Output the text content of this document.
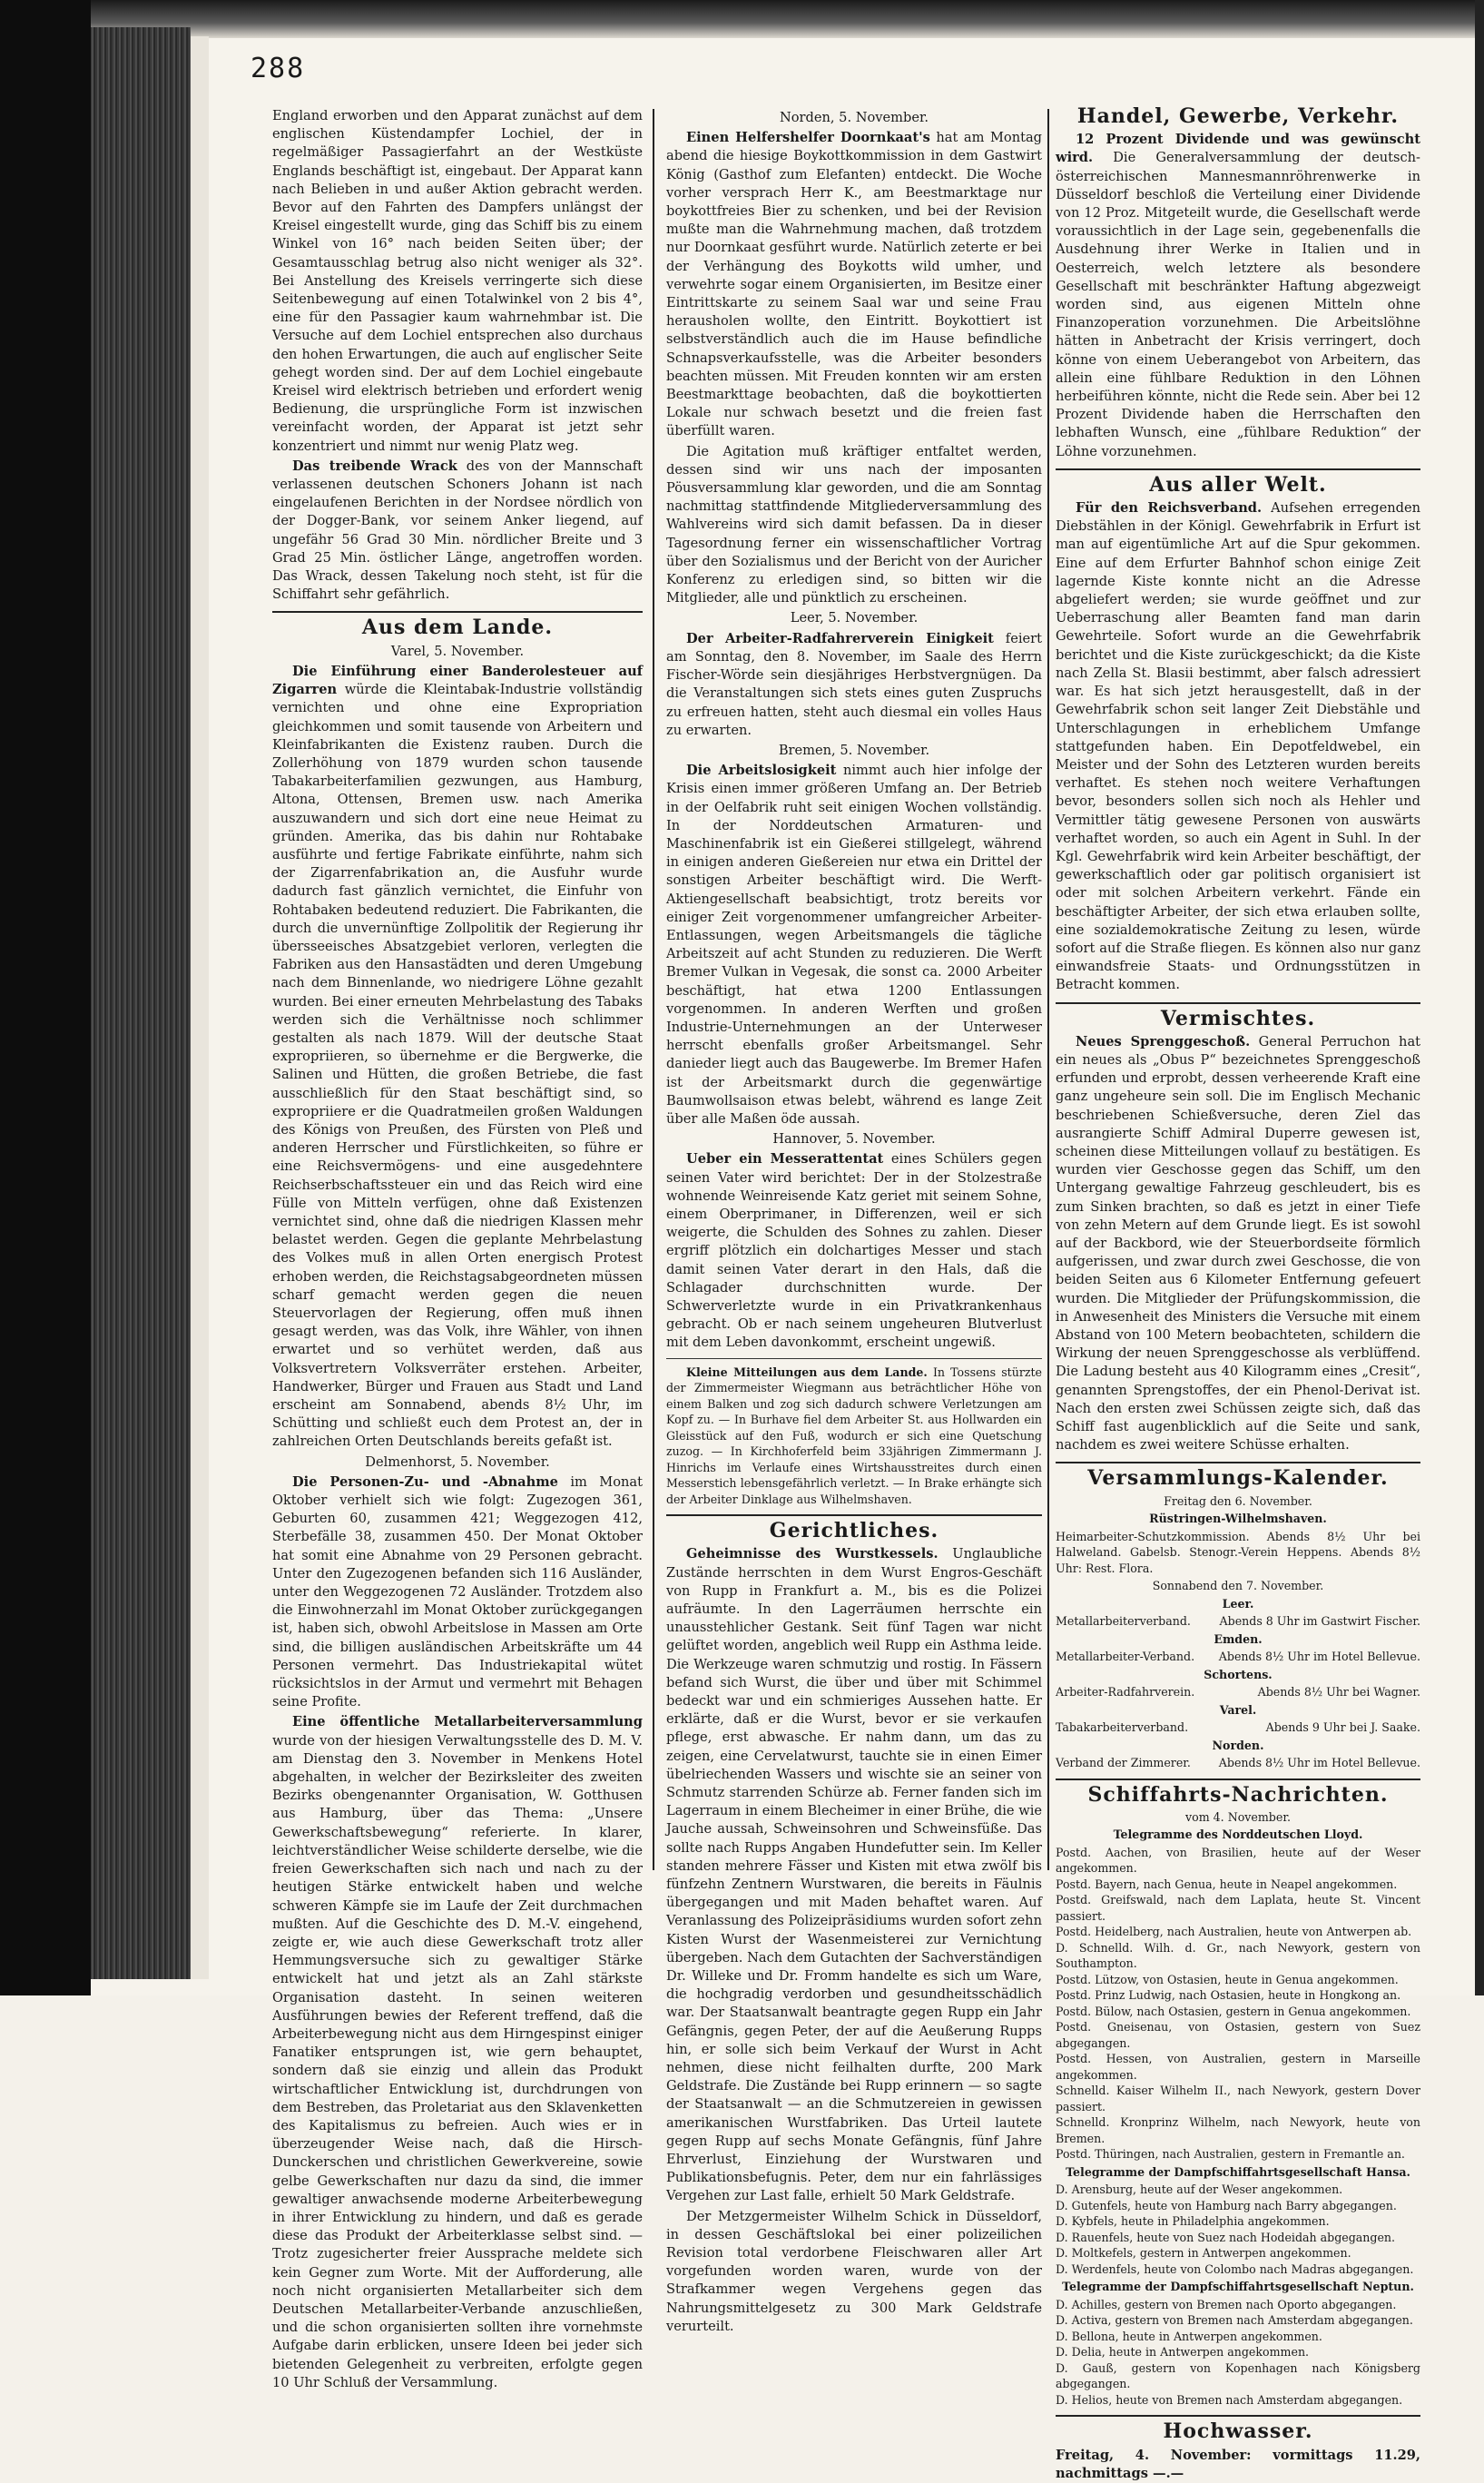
288

England erworben und den Apparat zunächst auf dem englischen Küstendampfer Lochiel, der in regelmäßiger Passagierfahrt an der Westküste Englands beschäftigt ist, eingebaut. Der Apparat kann nach Belieben in und außer Aktion gebracht werden. Bevor auf den Fahrten des Dampfers unlängst der Kreisel eingestellt wurde, ging das Schiff bis zu einem Winkel von 16° nach beiden Seiten über; der Gesamtausschlag betrug also nicht weniger als 32°. Bei Anstellung des Kreisels verringerte sich diese Seitenbewegung auf einen Totalwinkel von 2 bis 4°, eine für den Passagier kaum wahrnehmbar ist. Die Versuche auf dem Lochiel entsprechen also durchaus den hohen Erwartungen, die auch auf englischer Seite gehegt worden sind. Der auf dem Lochiel eingebaute Kreisel wird elektrisch betrieben und erfordert wenig Bedienung, die ursprüngliche Form ist inzwischen vereinfacht worden, der Apparat ist jetzt sehr konzentriert und nimmt nur wenig Platz weg.

Das treibende Wrack des von der Mannschaft verlassenen deutschen Schoners Johann ist nach eingelaufenen Berichten in der Nordsee nördlich von der Dogger-Bank, vor seinem Anker liegend, auf ungefähr 56 Grad 30 Min. nördlicher Breite und 3 Grad 25 Min. östlicher Länge, angetroffen worden. Das Wrack, dessen Takelung noch steht, ist für die Schiffahrt sehr gefährlich.

Aus dem Lande.
Varel, 5. November.

Die Einführung einer Banderolesteuer auf Zigarren würde die Kleintabak-Industrie vollständig vernichten und ohne eine Expropriation gleichkommen und somit tausende von Arbeitern und Kleinfabrikanten die Existenz rauben. Durch die Zollerhöhung von 1879 wurden schon tausende Tabakarbeiterfamilien gezwungen, aus Hamburg, Altona, Ottensen, Bremen usw. nach Amerika auszuwandern und sich dort eine neue Heimat zu gründen. Amerika, das bis dahin nur Rohtabake ausführte und fertige Fabrikate einführte, nahm sich der Zigarrenfabrikation an, die Ausfuhr wurde dadurch fast gänzlich vernichtet, die Einfuhr von Rohtabaken bedeutend reduziert. Die Fabrikanten, die durch die unvernünftige Zollpolitik der Regierung ihr übersseeisches Absatzgebiet verloren, verlegten die Fabriken aus den Hansastädten und deren Umgebung nach dem Binnenlande, wo niedrigere Löhne gezahlt wurden. Bei einer erneuten Mehrbelastung des Tabaks werden sich die Verhältnisse noch schlimmer gestalten als nach 1879. Will der deutsche Staat expropriieren, so übernehme er die Bergwerke, die Salinen und Hütten, die großen Betriebe, die fast ausschließlich für den Staat beschäftigt sind, so expropriiere er die Quadratmeilen großen Waldungen des Königs von Preußen, des Fürsten von Pleß und anderen Herrscher und Fürstlichkeiten, so führe er eine Reichsvermögens- und eine ausgedehntere Reichserbschaftssteuer ein und das Reich wird eine Fülle von Mitteln verfügen, ohne daß Existenzen vernichtet sind, ohne daß die niedrigen Klassen mehr belastet werden. Gegen die geplante Mehrbelastung des Volkes muß in allen Orten energisch Protest erhoben werden, die Reichstagsabgeordneten müssen scharf gemacht werden gegen die neuen Steuervorlagen der Regierung, offen muß ihnen gesagt werden, was das Volk, ihre Wähler, von ihnen erwartet und so verhütet werden, daß aus Volksvertretern Volksverräter erstehen. Arbeiter, Handwerker, Bürger und Frauen aus Stadt und Land erscheint am Sonnabend, abends 8½ Uhr, im Schütting und schließt euch dem Protest an, der in zahlreichen Orten Deutschlands bereits gefaßt ist.

Delmenhorst, 5. November.

Die Personen-Zu- und -Abnahme im Monat Oktober verhielt sich wie folgt: Zugezogen 361, Geburten 60, zusammen 421; Weggezogen 412, Sterbefälle 38, zusammen 450. Der Monat Oktober hat somit eine Abnahme von 29 Personen gebracht. Unter den Zugezogenen befanden sich 116 Ausländer, unter den Weggezogenen 72 Ausländer. Trotzdem also die Einwohnerzahl im Monat Oktober zurückgegangen ist, haben sich, obwohl Arbeitslose in Massen am Orte sind, die billigen ausländischen Arbeitskräfte um 44 Personen vermehrt. Das Industriekapital wütet rücksichtslos in der Armut und vermehrt mit Behagen seine Profite.

Eine öffentliche Metallarbeiterversammlung wurde von der hiesigen Verwaltungsstelle des D. M. V. am Dienstag den 3. November in Menkens Hotel abgehalten, in welcher der Bezirksleiter des zweiten Bezirks obengenannter Organisation, W. Gotthusen aus Hamburg, über das Thema: „Unsere Gewerkschaftsbewegung“ referierte. In klarer, leichtverständlicher Weise schilderte derselbe, wie die freien Gewerkschaften sich nach und nach zu der heutigen Stärke entwickelt haben und welche schweren Kämpfe sie im Laufe der Zeit durchmachen mußten. Auf die Geschichte des D. M.-V. eingehend, zeigte er, wie auch diese Gewerkschaft trotz aller Hemmungsversuche sich zu gewaltiger Stärke entwickelt hat und jetzt als an Zahl stärkste Organisation dasteht. In seinen weiteren Ausführungen bewies der Referent treffend, daß die Arbeiterbewegung nicht aus dem Hirngespinst einiger Fanatiker entsprungen ist, wie gern behauptet, sondern daß sie einzig und allein das Produkt wirtschaftlicher Entwicklung ist, durchdrungen von dem Bestreben, das Proletariat aus den Sklavenketten des Kapitalismus zu befreien. Auch wies er in überzeugender Weise nach, daß die Hirsch-Dunckerschen und christlichen Gewerkvereine, sowie gelbe Gewerkschaften nur dazu da sind, die immer gewaltiger anwachsende moderne Arbeiterbewegung in ihrer Entwicklung zu hindern, und daß es gerade diese das Produkt der Arbeiterklasse selbst sind. — Trotz zugesicherter freier Aussprache meldete sich kein Gegner zum Worte. Mit der Aufforderung, alle noch nicht organisierten Metallarbeiter sich dem Deutschen Metallarbeiter-Verbande anzuschließen, und die schon organisierten sollten ihre vornehmste Aufgabe darin erblicken, unsere Ideen bei jeder sich bietenden Gelegenheit zu verbreiten, erfolgte gegen 10 Uhr Schluß der Versammlung.

Norden, 5. November.

Einen Helfershelfer Doornkaat's hat am Montag abend die hiesige Boykottkommission in dem Gastwirt König (Gasthof zum Elefanten) entdeckt. Die Woche vorher versprach Herr K., am Beestmarktage nur boykottfreies Bier zu schenken, und bei der Revision mußte man die Wahrnehmung machen, daß trotzdem nur Doornkaat gesführt wurde. Natürlich zeterte er bei der Verhängung des Boykotts wild umher, und verwehrte sogar einem Organisierten, im Besitze einer Eintrittskarte zu seinem Saal war und seine Frau herausholen wollte, den Eintritt. Boykottiert ist selbstverständlich auch die im Hause befindliche Schnapsverkaufsstelle, was die Arbeiter besonders beachten müssen. Mit Freuden konnten wir am ersten Beestmarkttage beobachten, daß die boykottierten Lokale nur schwach besetzt und die freien fast überfüllt waren.

Die Agitation muß kräftiger entfaltet werden, dessen sind wir uns nach der imposanten Pöusversammlung klar geworden, und die am Sonntag nachmittag stattfindende Mitgliederversammlung des Wahlvereins wird sich damit befassen. Da in dieser Tagesordnung ferner ein wissenschaftlicher Vortrag über den Sozialismus und der Bericht von der Auricher Konferenz zu erledigen sind, so bitten wir die Mitglieder, alle und pünktlich zu erscheinen.

Leer, 5. November.

Der Arbeiter-Radfahrerverein Einigkeit feiert am Sonntag, den 8. November, im Saale des Herrn Fischer-Wörde sein diesjähriges Herbstvergnügen. Da die Veranstaltungen sich stets eines guten Zuspruchs zu erfreuen hatten, steht auch diesmal ein volles Haus zu erwarten.

Bremen, 5. November.

Die Arbeitslosigkeit nimmt auch hier infolge der Krisis einen immer größeren Umfang an. Der Betrieb in der Oelfabrik ruht seit einigen Wochen vollständig. In der Norddeutschen Armaturen- und Maschinenfabrik ist ein Gießerei stillgelegt, während in einigen anderen Gießereien nur etwa ein Drittel der sonstigen Arbeiter beschäftigt wird. Die Werft-Aktiengesellschaft beabsichtigt, trotz bereits vor einiger Zeit vorgenommener umfangreicher Arbeiter-Entlassungen, wegen Arbeitsmangels die tägliche Arbeitszeit auf acht Stunden zu reduzieren. Die Werft Bremer Vulkan in Vegesak, die sonst ca. 2000 Arbeiter beschäftigt, hat etwa 1200 Entlassungen vorgenommen. In anderen Werften und großen Industrie-Unternehmungen an der Unterweser herrscht ebenfalls großer Arbeitsmangel. Sehr danieder liegt auch das Baugewerbe. Im Bremer Hafen ist der Arbeitsmarkt durch die gegenwärtige Baumwollsaison etwas belebt, während es lange Zeit über alle Maßen öde aussah.

Hannover, 5. November.

Ueber ein Messerattentat eines Schülers gegen seinen Vater wird berichtet: Der in der Stolzestraße wohnende Weinreisende Katz geriet mit seinem Sohne, einem Oberprimaner, in Differenzen, weil er sich weigerte, die Schulden des Sohnes zu zahlen. Dieser ergriff plötzlich ein dolchartiges Messer und stach damit seinen Vater derart in den Hals, daß die Schlagader durchschnitten wurde. Der Schwerverletzte wurde in ein Privatkrankenhaus gebracht. Ob er nach seinem ungeheuren Blutverlust mit dem Leben davonkommt, erscheint ungewiß.

Kleine Mitteilungen aus dem Lande. In Tossens stürzte der Zimmermeister Wiegmann aus beträchtlicher Höhe von einem Balken und zog sich dadurch schwere Verletzungen am Kopf zu. — In Burhave fiel dem Arbeiter St. aus Hollwarden ein Gleisstück auf den Fuß, wodurch er sich eine Quetschung zuzog. — In Kirchhoferfeld beim 33jährigen Zimmermann J. Hinrichs im Verlaufe eines Wirtshausstreites durch einen Messerstich lebensgefährlich verletzt. — In Brake erhängte sich der Arbeiter Dinklage aus Wilhelmshaven.

Gerichtliches.

Geheimnisse des Wurstkessels. Unglaubliche Zustände herrschten in dem Wurst Engros-Geschäft von Rupp in Frankfurt a. M., bis es die Polizei aufräumte. In den Lagerräumen herrschte ein unausstehlicher Gestank. Seit fünf Tagen war nicht gelüftet worden, angeblich weil Rupp ein Asthma leide. Die Werkzeuge waren schmutzig und rostig. In Fässern befand sich Wurst, die über und über mit Schimmel bedeckt war und ein schmieriges Aussehen hatte. Er erklärte, daß er die Wurst, bevor er sie verkaufen pflege, erst abwasche. Er nahm dann, um das zu zeigen, eine Cervelatwurst, tauchte sie in einen Eimer übelriechenden Wassers und wischte sie an seiner von Schmutz starrenden Schürze ab. Ferner fanden sich im Lagerraum in einem Blecheimer in einer Brühe, die wie Jauche aussah, Schweinsohren und Schweinsfüße. Das sollte nach Rupps Angaben Hundefutter sein. Im Keller standen mehrere Fässer und Kisten mit etwa zwölf bis fünfzehn Zentnern Wurstwaren, die bereits in Fäulnis übergegangen und mit Maden behaftet waren. Auf Veranlassung des Polizeipräsidiums wurden sofort zehn Kisten Wurst der Wasenmeisterei zur Vernichtung übergeben. Nach dem Gutachten der Sachverständigen Dr. Willeke und Dr. Fromm handelte es sich um Ware, die hochgradig verdorben und gesundheitsschädlich war. Der Staatsanwalt beantragte gegen Rupp ein Jahr Gefängnis, gegen Peter, der auf die Aeußerung Rupps hin, er solle sich beim Verkauf der Wurst in Acht nehmen, diese nicht feilhalten durfte, 200 Mark Geldstrafe. Die Zustände bei Rupp erinnern — so sagte der Staatsanwalt — an die Schmutzereien in gewissen amerikanischen Wurstfabriken. Das Urteil lautete gegen Rupp auf sechs Monate Gefängnis, fünf Jahre Ehrverlust, Einziehung der Wurstwaren und Publikationsbefugnis. Peter, dem nur ein fahrlässiges Vergehen zur Last falle, erhielt 50 Mark Geldstrafe.

Der Metzgermeister Wilhelm Schick in Düsseldorf, in dessen Geschäftslokal bei einer polizeilichen Revision total verdorbene Fleischwaren aller Art vorgefunden worden waren, wurde von der Strafkammer wegen Vergehens gegen das Nahrungsmittelgesetz zu 300 Mark Geldstrafe verurteilt.

Handel, Gewerbe, Verkehr.

12 Prozent Dividende und was gewünscht wird. Die Generalversammlung der deutsch-österreichischen Mannesmannröhrenwerke in Düsseldorf beschloß die Verteilung einer Dividende von 12 Proz. Mitgeteilt wurde, die Gesellschaft werde voraussichtlich in der Lage sein, gegebenenfalls die Ausdehnung ihrer Werke in Italien und in Oesterreich, welch letztere als besondere Gesellschaft mit beschränkter Haftung abgezweigt worden sind, aus eigenen Mitteln ohne Finanzoperation vorzunehmen. Die Arbeitslöhne hätten in Anbetracht der Krisis verringert, doch könne von einem Ueberangebot von Arbeitern, das allein eine fühlbare Reduktion in den Löhnen herbeiführen könnte, nicht die Rede sein. Aber bei 12 Prozent Dividende haben die Herrschaften den lebhaften Wunsch, eine „fühlbare Reduktion“ der Löhne vorzunehmen.

Aus aller Welt.

Für den Reichsverband. Aufsehen erregenden Diebstählen in der Königl. Gewehrfabrik in Erfurt ist man auf eigentümliche Art auf die Spur gekommen. Eine auf dem Erfurter Bahnhof schon einige Zeit lagernde Kiste konnte nicht an die Adresse abgeliefert werden; sie wurde geöffnet und zur Ueberraschung aller Beamten fand man darin Gewehrteile. Sofort wurde an die Gewehrfabrik berichtet und die Kiste zurückgeschickt; da die Kiste nach Zella St. Blasii bestimmt, aber falsch adressiert war. Es hat sich jetzt herausgestellt, daß in der Gewehrfabrik schon seit langer Zeit Diebstähle und Unterschlagungen in erheblichem Umfange stattgefunden haben. Ein Depotfeldwebel, ein Meister und der Sohn des Letzteren wurden bereits verhaftet. Es stehen noch weitere Verhaftungen bevor, besonders sollen sich noch als Hehler und Vermittler tätig gewesene Personen von auswärts verhaftet worden, so auch ein Agent in Suhl. In der Kgl. Gewehrfabrik wird kein Arbeiter beschäftigt, der gewerkschaftlich oder gar politisch organisiert ist oder mit solchen Arbeitern verkehrt. Fände ein beschäftigter Arbeiter, der sich etwa erlauben sollte, eine sozialdemokratische Zeitung zu lesen, würde sofort auf die Straße fliegen. Es können also nur ganz einwandsfreie Staats- und Ordnungsstützen in Betracht kommen.

Vermischtes.

Neues Sprenggeschoß. General Perruchon hat ein neues als „Obus P“ bezeichnetes Sprenggeschoß erfunden und erprobt, dessen verheerende Kraft eine ganz ungeheure sein soll. Die im Englisch Mechanic beschriebenen Schießversuche, deren Ziel das ausrangierte Schiff Admiral Duperre gewesen ist, scheinen diese Mitteilungen vollauf zu bestätigen. Es wurden vier Geschosse gegen das Schiff, um den Untergang gewaltige Fahrzeug geschleudert, bis es zum Sinken brachten, so daß es jetzt in einer Tiefe von zehn Metern auf dem Grunde liegt. Es ist sowohl auf der Backbord, wie der Steuerbordseite förmlich aufgerissen, und zwar durch zwei Geschosse, die von beiden Seiten aus 6 Kilometer Entfernung gefeuert wurden. Die Mitglieder der Prüfungskommission, die in Anwesenheit des Ministers die Versuche mit einem Abstand von 100 Metern beobachteten, schildern die Wirkung der neuen Sprenggeschosse als verblüffend. Die Ladung besteht aus 40 Kilogramm eines „Cresit“, genannten Sprengstoffes, der ein Phenol-Derivat ist. Nach den ersten zwei Schüssen zeigte sich, daß das Schiff fast augenblicklich auf die Seite und sank, nachdem es zwei weitere Schüsse erhalten.

Versammlungs-Kalender.
Freitag den 6. November.
Rüstringen-Wilhelmshaven.
Heimarbeiter-Schutzkommission. Abends 8½ Uhr bei Halweland. Gabelsb. Stenogr.-Verein Heppens. Abends 8½ Uhr: Rest. Flora.
Sonnabend den 7. November.
Leer.
Metallarbeiterverband.	Abends 8 Uhr im Gastwirt Fischer.
Emden.
Metallarbeiter-Verband. Abends 8½ Uhr im Hotel Bellevue.
Schortens.
Arbeiter-Radfahrverein.	Abends 8½ Uhr bei Wagner.
Varel.
Tabakarbeiterverband.	Abends 9 Uhr bei J. Saake.
Norden.
Verband der Zimmerer. Abends 8½ Uhr im Hotel Bellevue.
Schiffahrts-Nachrichten.
vom 4. November.
Telegramme des Norddeutschen Lloyd.
Postd. Aachen, von Brasilien, heute auf der Weser angekommen.
Postd. Bayern, nach Genua, heute in Neapel angekommen.
Postd. Greifswald, nach dem Laplata, heute St. Vincent passiert.
Postd. Heidelberg, nach Australien, heute von Antwerpen ab.
D. Schnelld. Wilh. d. Gr., nach Newyork, gestern von Southampton.
Postd. Lützow, von Ostasien, heute in Genua angekommen.
Postd. Prinz Ludwig, nach Ostasien, heute in Hongkong an.
Postd. Bülow, nach Ostasien, gestern in Genua angekommen.
Postd. Gneisenau, von Ostasien, gestern von Suez abgegangen.
Postd. Hessen, von Australien, gestern in Marseille angekommen.
Schnelld. Kaiser Wilhelm II., nach Newyork, gestern Dover passiert.
Schnelld. Kronprinz Wilhelm, nach Newyork, heute von Bremen.
Postd. Thüringen, nach Australien, gestern in Fremantle an.
Telegramme der Dampfschiffahrtsgesellschaft Hansa.
D. Arensburg, heute auf der Weser angekommen.
D. Gutenfels, heute von Hamburg nach Barry abgegangen.
D. Kybfels, heute in Philadelphia angekommen.
D. Rauenfels, heute von Suez nach Hodeidah abgegangen.
D. Moltkefels, gestern in Antwerpen angekommen.
D. Werdenfels, heute von Colombo nach Madras abgegangen.
Telegramme der Dampfschiffahrtsgesellschaft Neptun.
D. Achilles, gestern von Bremen nach Oporto abgegangen.
D. Activa, gestern von Bremen nach Amsterdam abgegangen.
D. Bellona, heute in Antwerpen angekommen.
D. Delia, heute in Antwerpen angekommen.
D. Gauß, gestern von Kopenhagen nach Königsberg abgegangen.
D. Helios, heute von Bremen nach Amsterdam abgegangen.
Hochwasser.
Freitag, 4. November: vormittags 11.29, nachmittags —.—
